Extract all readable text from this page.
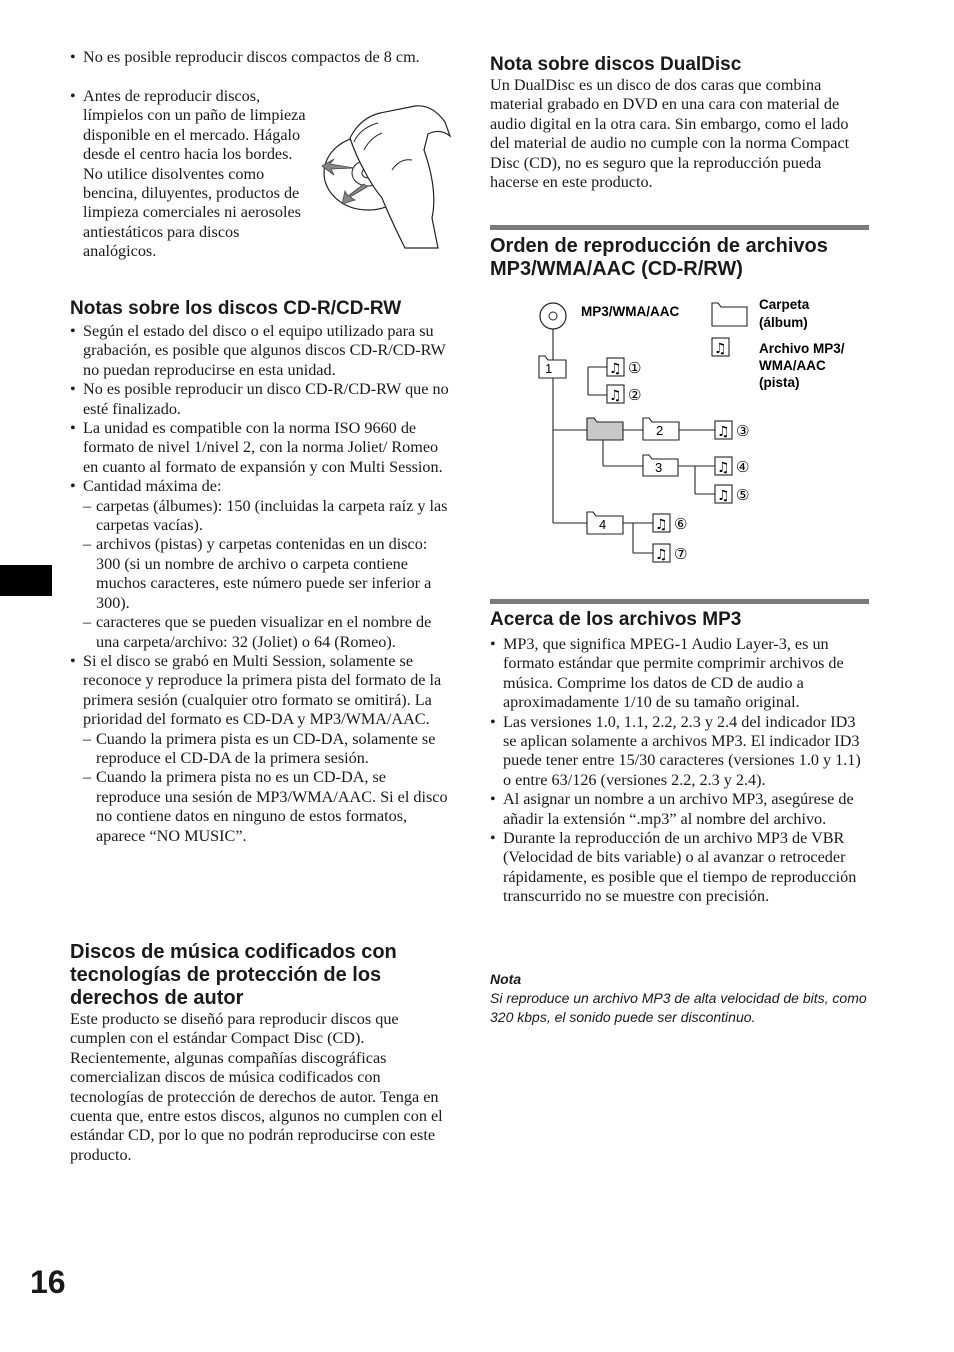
• No es posible reproducir discos compactos de 8 cm.
• Antes de reproducir discos, límpielos con un paño de limpieza disponible en el mercado. Hágalo desde el centro hacia los bordes. No utilice disolventes como bencina, diluyentes, productos de limpieza comerciales ni aerosoles antiestáticos para discos analógicos.
Notas sobre los discos CD-R/CD-RW
• Según el estado del disco o el equipo utilizado para su grabación, es posible que algunos discos CD-R/CD-RW no puedan reproducirse en esta unidad.
• No es posible reproducir un disco CD-R/CD-RW que no esté finalizado.
• La unidad es compatible con la norma ISO 9660 de formato de nivel 1/nivel 2, con la norma Joliet/ Romeo en cuanto al formato de expansión y con Multi Session.
• Cantidad máxima de:
– carpetas (álbumes): 150 (incluidas la carpeta raíz y las carpetas vacías).
– archivos (pistas) y carpetas contenidas en un disco: 300 (si un nombre de archivo o carpeta contiene muchos caracteres, este número puede ser inferior a 300).
– caracteres que se pueden visualizar en el nombre de una carpeta/archivo: 32 (Joliet) o 64 (Romeo).
• Si el disco se grabó en Multi Session, solamente se reconoce y reproduce la primera pista del formato de la primera sesión (cualquier otro formato se omitirá). La prioridad del formato es CD-DA y MP3/WMA/AAC.
– Cuando la primera pista es un CD-DA, solamente se reproduce el CD-DA de la primera sesión.
– Cuando la primera pista no es un CD-DA, se reproduce una sesión de MP3/WMA/AAC. Si el disco no contiene datos en ninguno de estos formatos, aparece “NO MUSIC”.
Discos de música codificados con tecnologías de protección de los derechos de autor

Este producto se diseñó para reproducir discos que cumplen con el estándar Compact Disc (CD). Recientemente, algunas compañías discográficas comercializan discos de música codificados con tecnologías de protección de derechos de autor. Tenga en cuenta que, entre estos discos, algunos no cumplen con el estándar CD, por lo que no podrán reproducirse con este producto.

16
Nota sobre discos DualDisc

Un DualDisc es un disco de dos caras que combina material grabado en DVD en una cara con material de audio digital en la otra cara. Sin embargo, como el lado del material de audio no cumple con la norma Compact Disc (CD), no es seguro que la reproducción pueda hacerse en este producto.

Orden de reproducción de archivos MP3/WMA/AAC (CD-R/RW)
MP3/WMA/AAC	Carpeta
(álbum)
♫ Archivo MP3/
WMA/AAC
(pista)
1
2
3
4
♫ ①
♫ ②
♫ ③
♫ ④
♫ ⑤
♫ ⑥
♫ ⑦
Acerca de los archivos MP3
• MP3, que significa MPEG-1 Audio Layer-3, es un formato estándar que permite comprimir archivos de música. Comprime los datos de CD de audio a aproximadamente 1/10 de su tamaño original.
• Las versiones 1.0, 1.1, 2.2, 2.3 y 2.4 del indicador ID3 se aplican solamente a archivos MP3. El indicador ID3 puede tener entre 15/30 caracteres (versiones 1.0 y 1.1) o entre 63/126 (versiones 2.2, 2.3 y 2.4).
• Al asignar un nombre a un archivo MP3, asegúrese de añadir la extensión “.mp3” al nombre del archivo.
• Durante la reproducción de un archivo MP3 de VBR (Velocidad de bits variable) o al avanzar o retroceder rápidamente, es posible que el tiempo de reproducción transcurrido no se muestre con precisión.
Nota
Si reproduce un archivo MP3 de alta velocidad de bits, como 320 kbps, el sonido puede ser discontinuo.
